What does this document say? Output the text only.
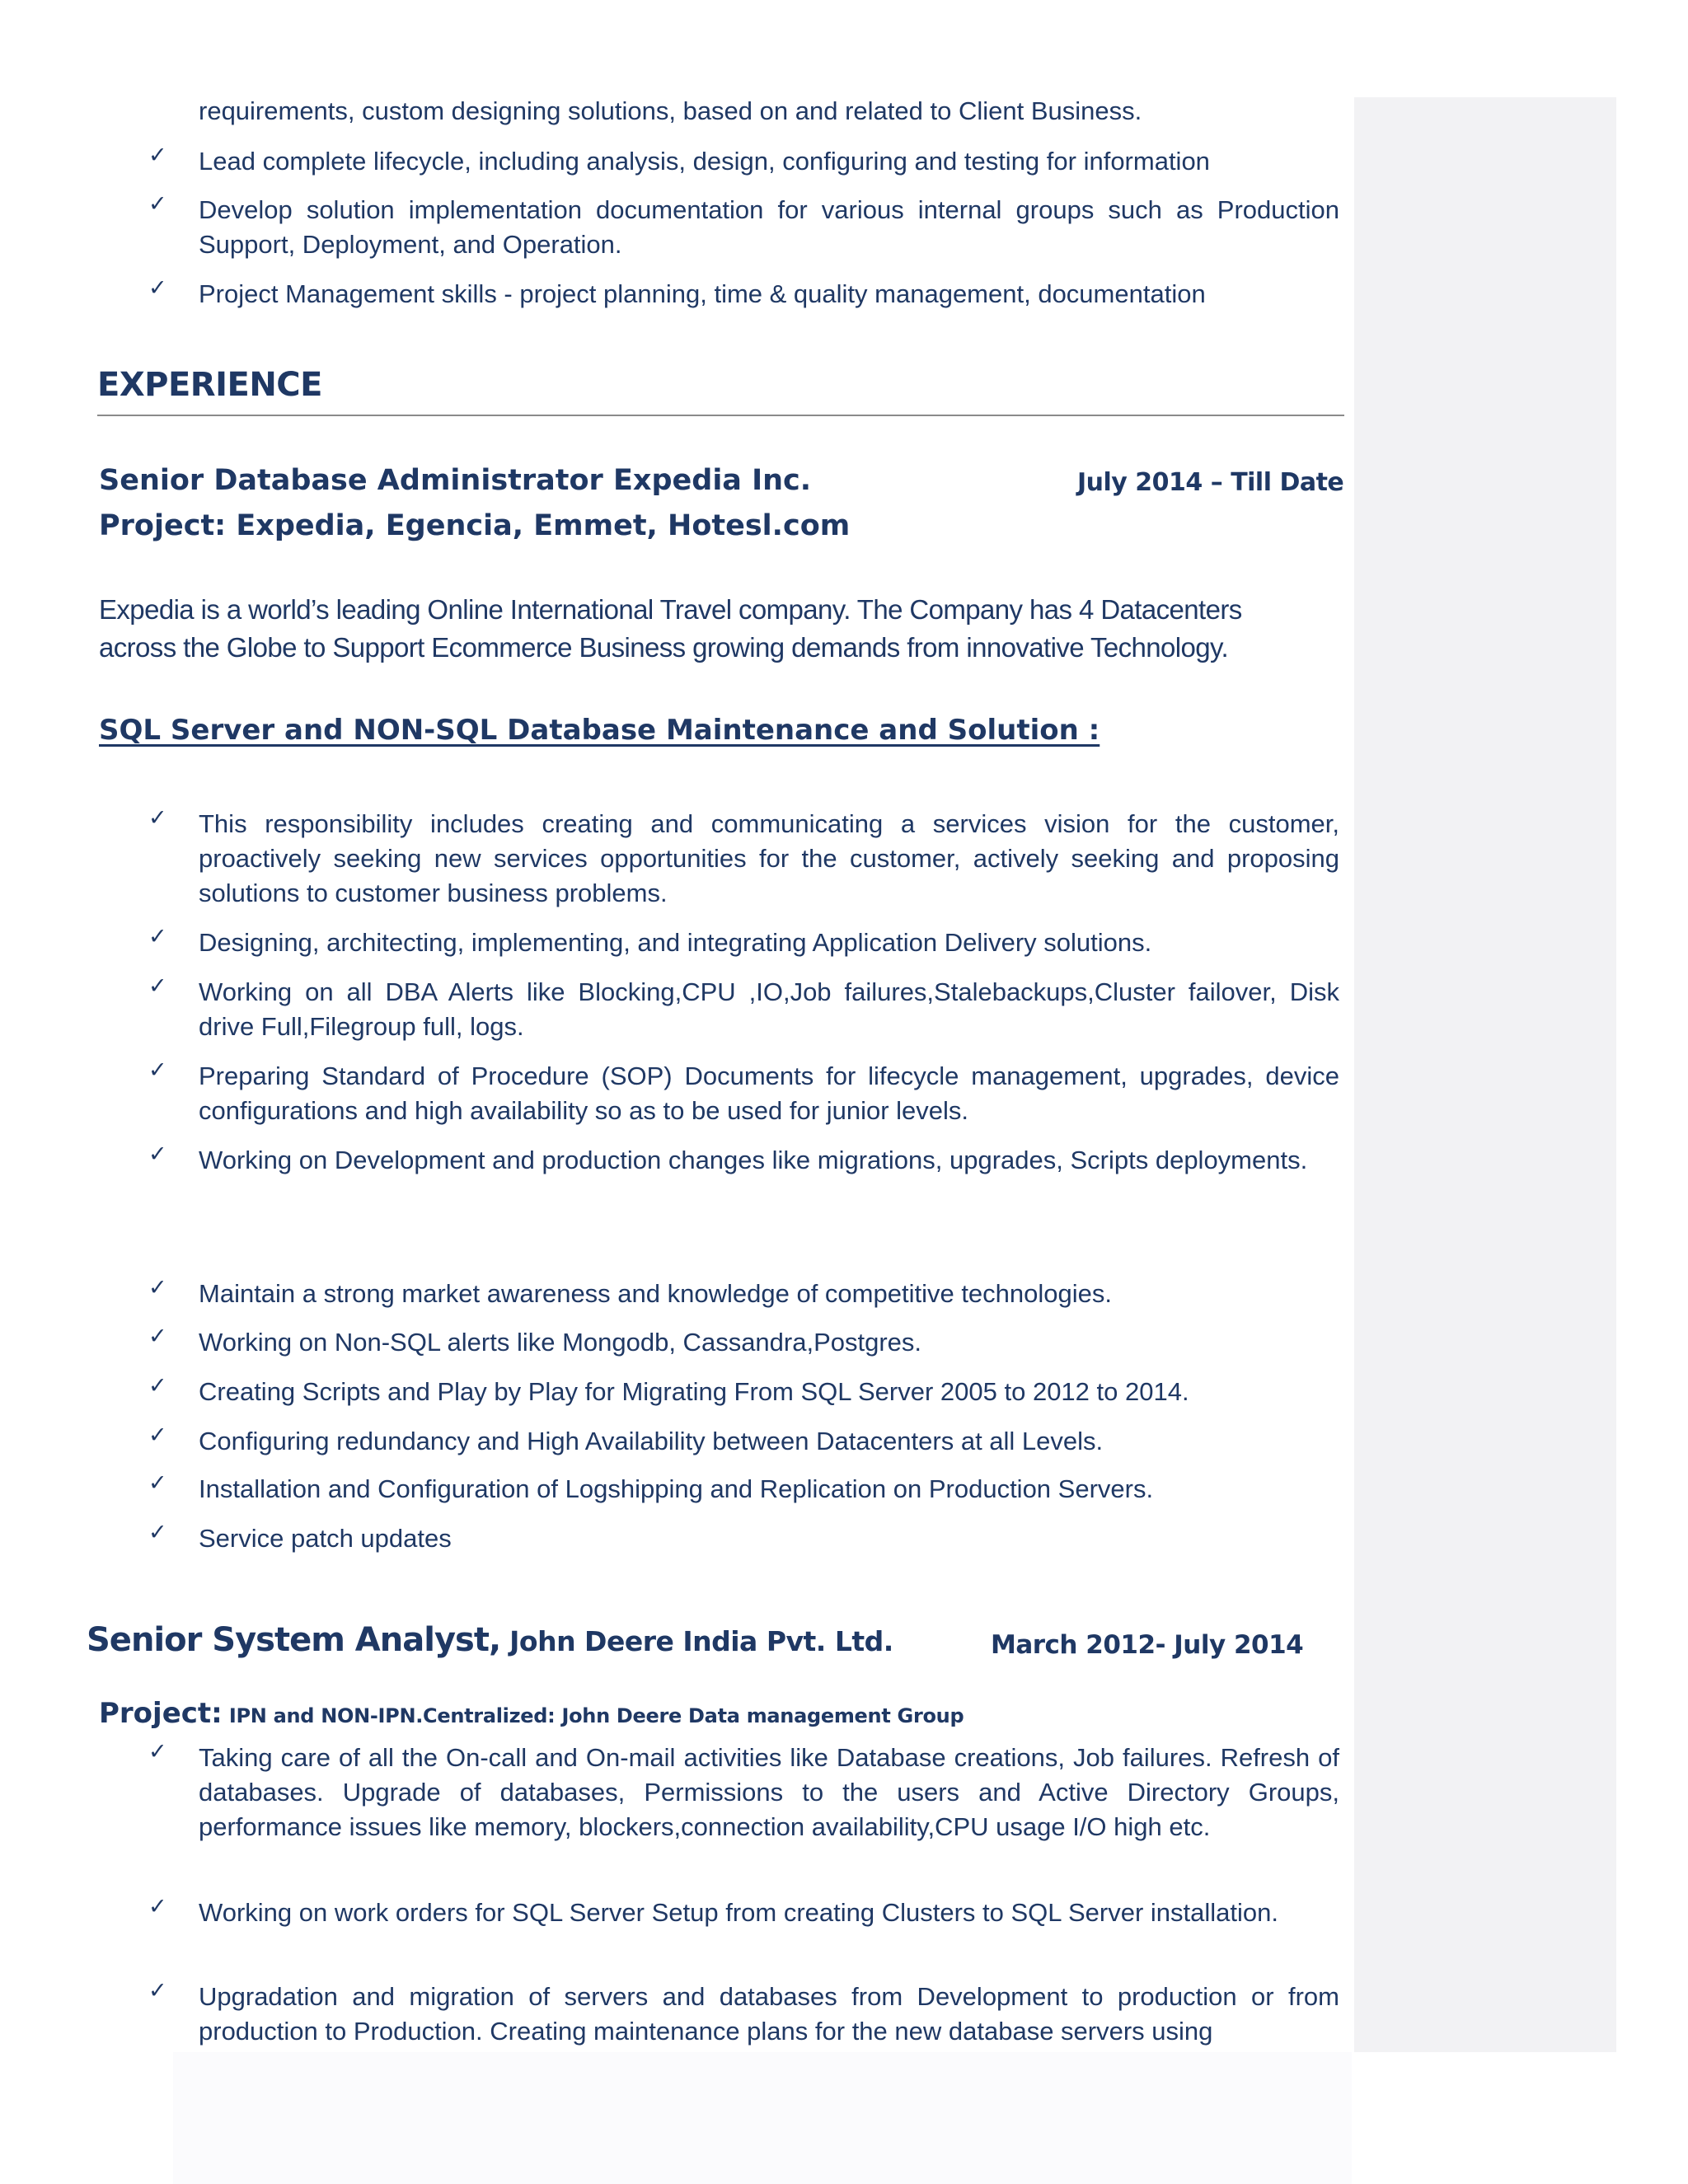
requirements, custom designing solutions, based on and related to Client Business.
✓ Lead complete lifecycle, including analysis, design, configuring and testing for information
✓ Develop solution implementation documentation for various internal groups such as Production Support, Deployment, and Operation.
✓ Project Management skills - project planning, time & quality management, documentation
EXPERIENCE
Senior Database Administrator Expedia Inc.	July 2014 – Till Date
Project: Expedia, Egencia, Emmet, Hotesl.com
Expedia is a world’s leading Online International Travel company. The Company has 4 Datacenters across the Globe to Support Ecommerce Business growing demands from innovative Technology.
SQL Server and NON-SQL Database Maintenance and Solution :
✓ This responsibility includes creating and communicating a services vision for the customer, proactively seeking new services opportunities for the customer, actively seeking and proposing solutions to customer business problems.
✓ Designing, architecting, implementing, and integrating Application Delivery solutions.
✓ Working on all DBA Alerts like Blocking,CPU ,IO,Job failures,Stalebackups,Cluster failover, Disk drive Full,Filegroup full, logs.
✓ Preparing Standard of Procedure (SOP) Documents for lifecycle management, upgrades, device configurations and high availability so as to be used for junior levels.
✓ Working on Development and production changes like migrations, upgrades, Scripts deployments.
✓ Maintain a strong market awareness and knowledge of competitive technologies.
✓ Working on Non-SQL alerts like Mongodb, Cassandra,Postgres.
✓ Creating Scripts and Play by Play for Migrating From SQL Server 2005 to 2012 to 2014.
✓ Configuring redundancy and High Availability between Datacenters at all Levels.
✓ Installation and Configuration of Logshipping and Replication on Production Servers.
✓ Service patch updates
Senior System Analyst, John Deere India Pvt. Ltd.	March 2012- July 2014
Project: IPN and NON-IPN.Centralized: John Deere Data management Group
✓ Taking care of all the On-call and On-mail activities like Database creations, Job failures. Refresh of databases. Upgrade of databases, Permissions to the users and Active Directory Groups, performance issues like memory, blockers,connection availability,CPU usage I/O high etc.
✓ Working on work orders for SQL Server Setup from creating Clusters to SQL Server installation.
✓ Upgradation and migration of servers and databases from Development to production or from production to Production. Creating maintenance plans for the new database servers using
